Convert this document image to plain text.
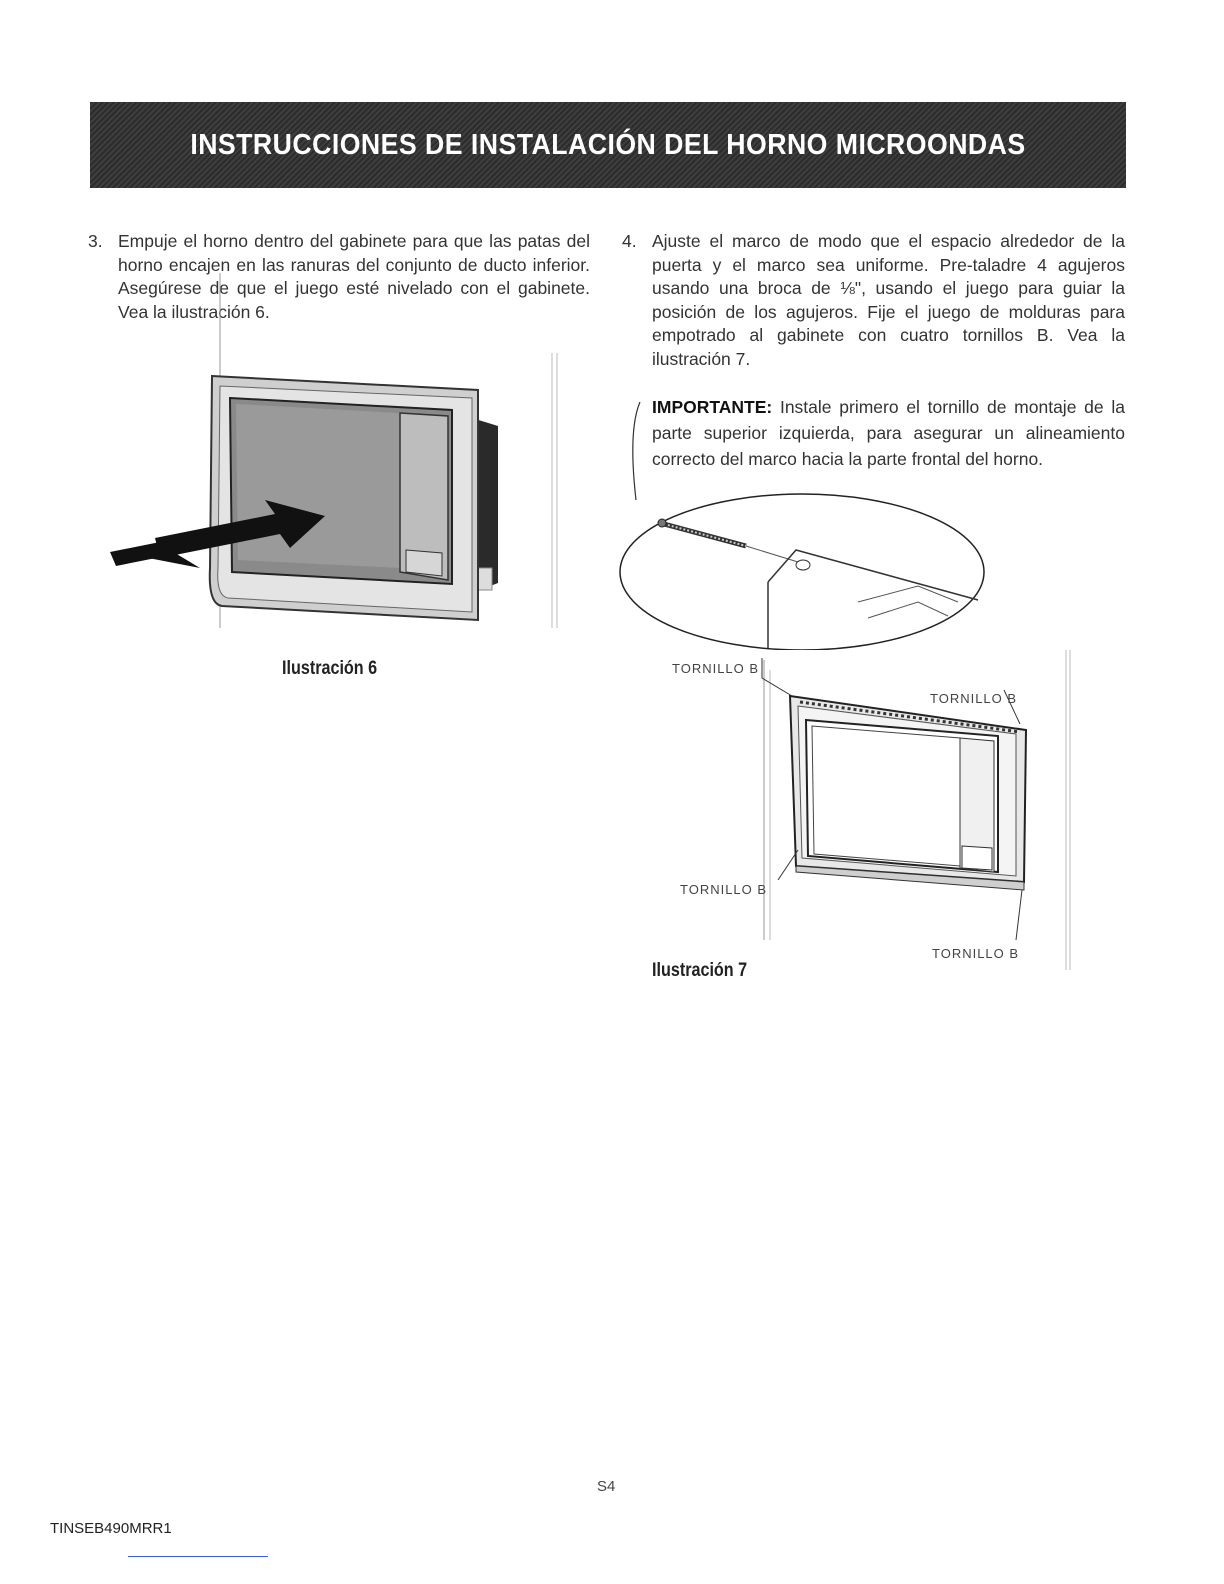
INSTRUCCIONES DE INSTALACIÓN DEL HORNO MICROONDAS
3. Empuje el horno dentro del gabinete para que las patas del horno encajen en las ranuras del conjunto de ducto inferior. Asegúrese de que el juego esté nivelado con el gabinete. Vea la ilustración 6.

4. Ajuste el marco de modo que el espacio alrededor de la puerta y el marco sea uniforme. Pre-taladre 4 agujeros usando una broca de ⅛", usando el juego para guiar la posición de los agujeros. Fije el juego de molduras para empotrado al gabinete con cuatro tornillos B. Vea la ilustración 7.

IMPORTANTE: Instale primero el tornillo de montaje de la parte superior izquierda, para asegurar un alineamiento correcto del marco hacia la parte frontal del horno.
Ilustración 6	TORNILLO B
TORNILLO B
TORNILLO B
TORNILLO B
Ilustración 7
S4
TINSEB490MRR1
